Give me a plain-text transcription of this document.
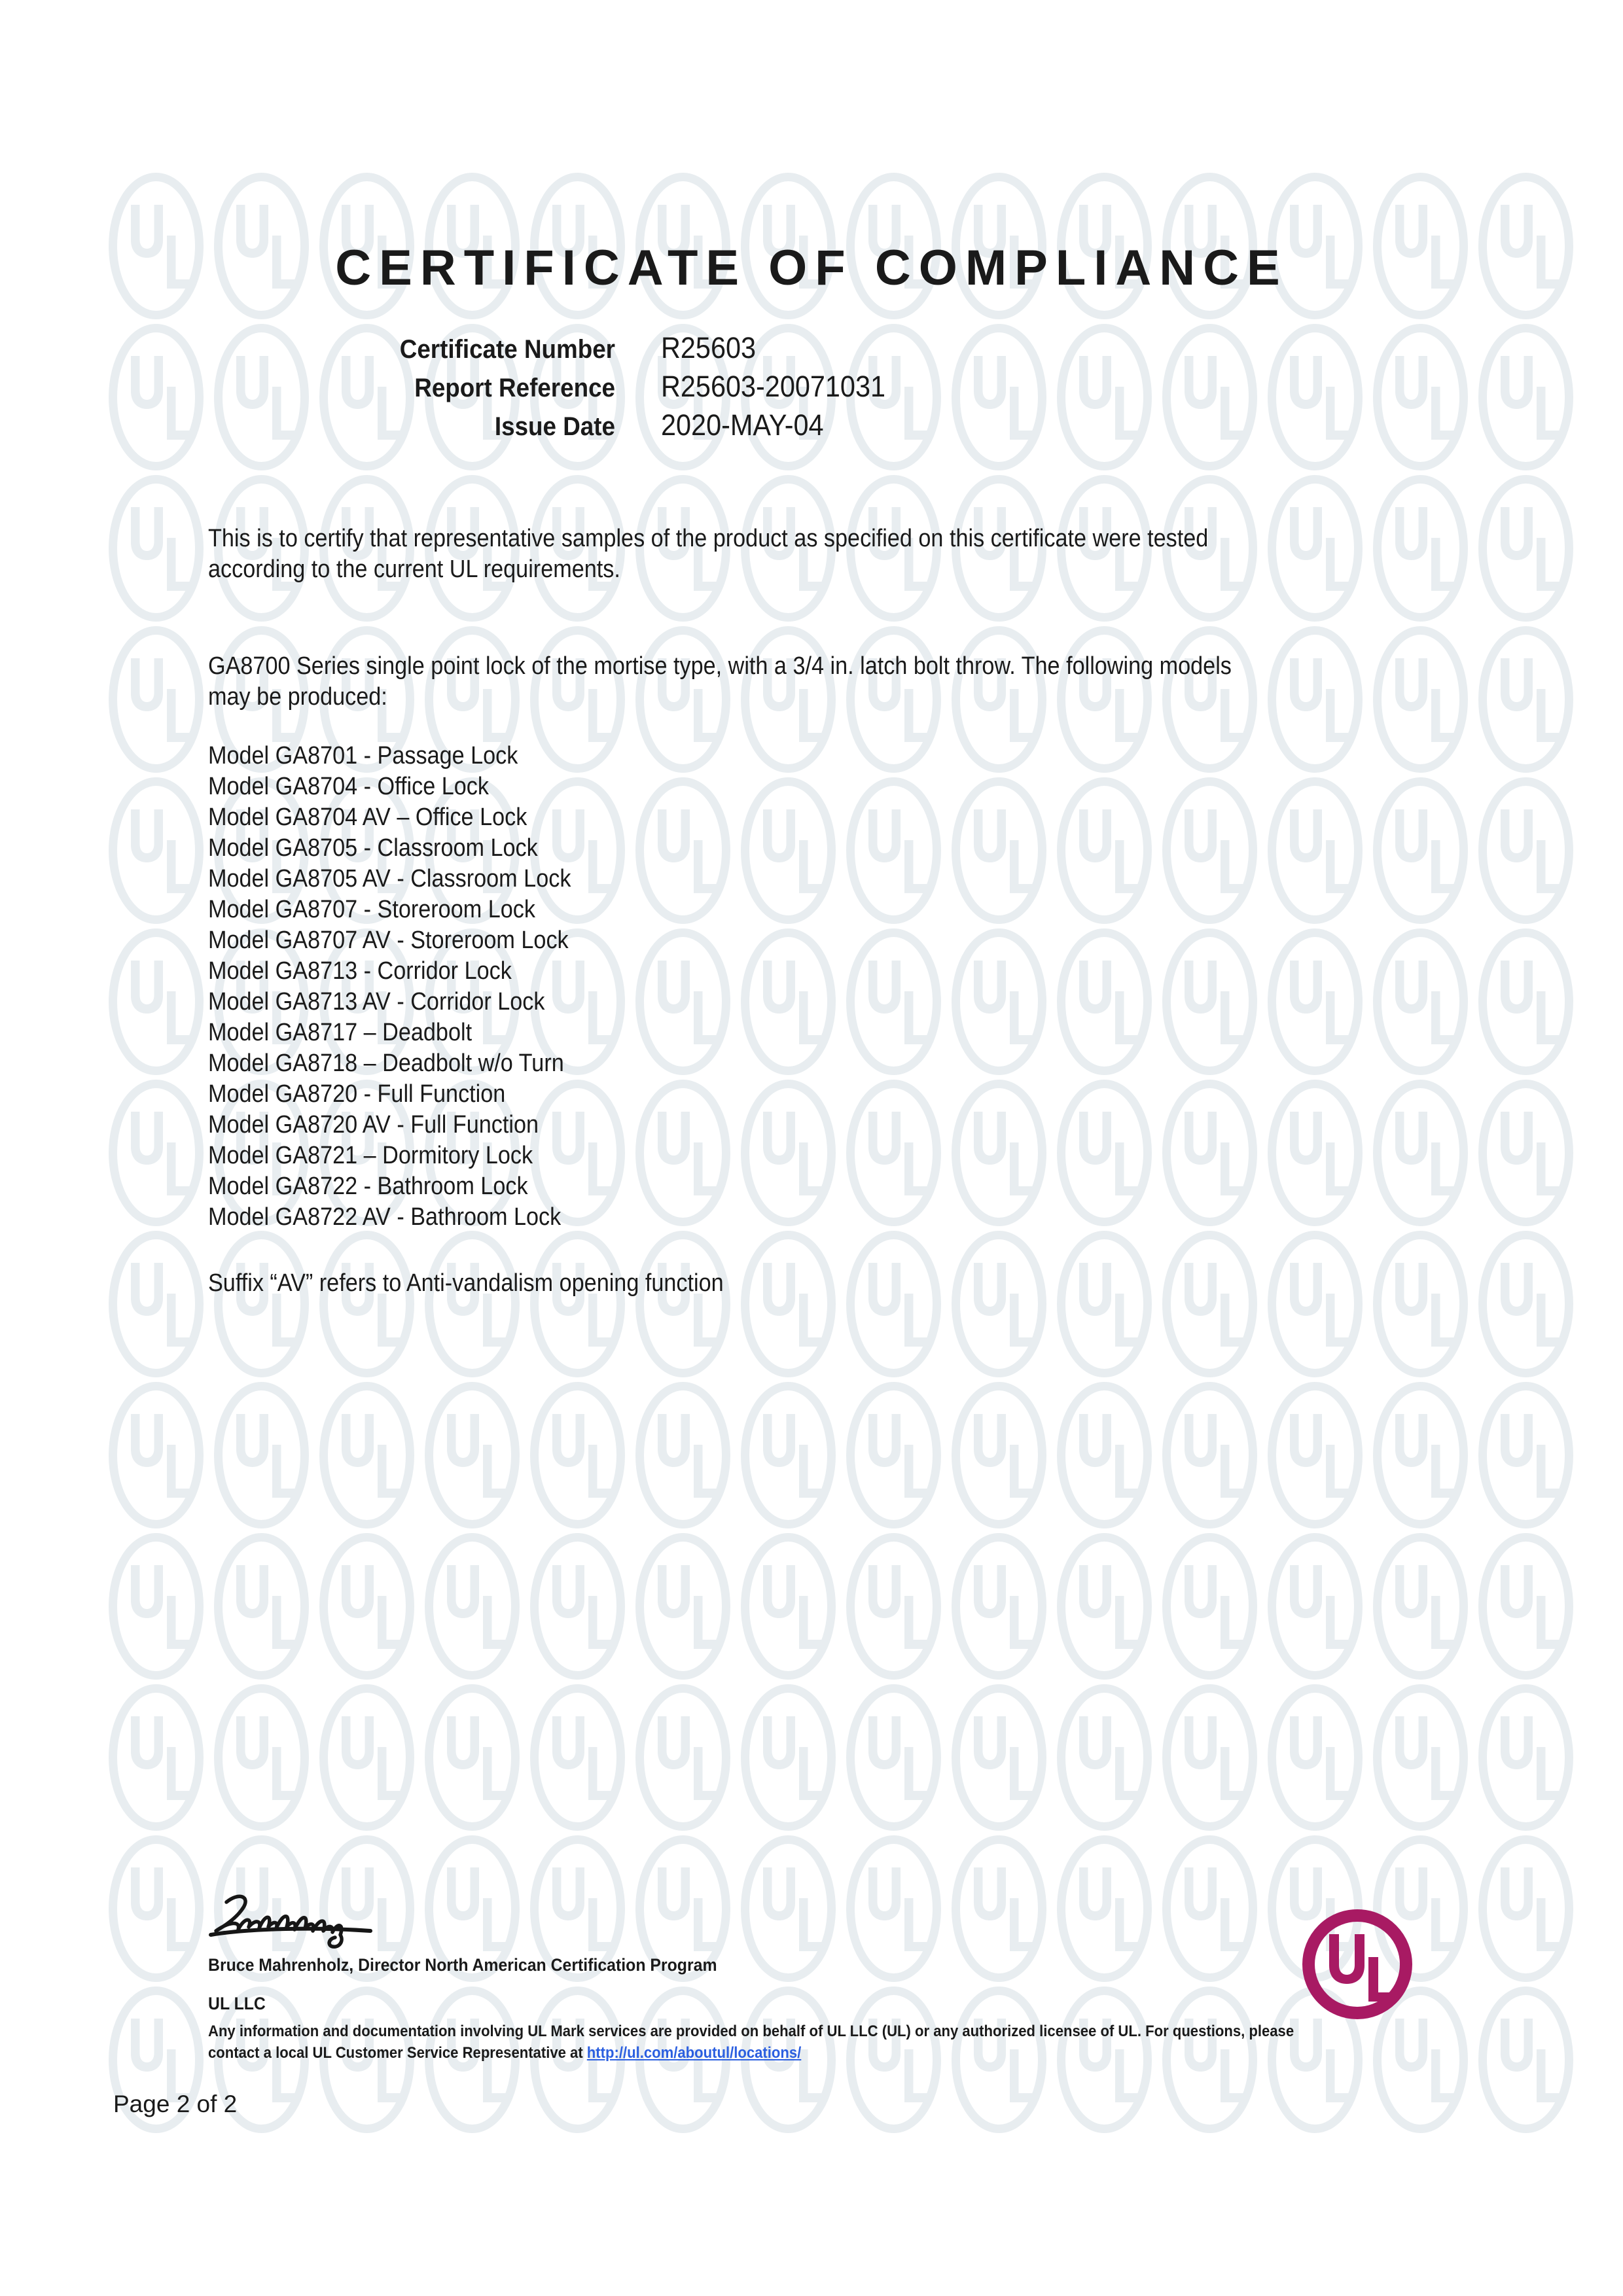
CERTIFICATE OF COMPLIANCE
Certificate Number R25603
Report Reference R25603-20071031
Issue Date 2020-MAY-04
This is to certify that representative samples of the product as specified on this certificate were tested
according to the current UL requirements.
GA8700 Series single point lock of the mortise type, with a 3/4 in. latch bolt throw. The following models
may be produced:
Model GA8701 - Passage Lock
Model GA8704 - Office Lock
Model GA8704 AV – Office Lock
Model GA8705 - Classroom Lock
Model GA8705 AV - Classroom Lock
Model GA8707 - Storeroom Lock
Model GA8707 AV - Storeroom Lock
Model GA8713 - Corridor Lock
Model GA8713 AV - Corridor Lock
Model GA8717 – Deadbolt
Model GA8718 – Deadbolt w/o Turn
Model GA8720 - Full Function
Model GA8720 AV - Full Function
Model GA8721 – Dormitory Lock
Model GA8722 - Bathroom Lock
Model GA8722 AV - Bathroom Lock
Suffix “AV” refers to Anti-vandalism opening function
Bruce Mahrenholz, Director North American Certification Program
UL LLC
Any information and documentation involving UL Mark services are provided on behalf of UL LLC (UL) or any authorized licensee of UL. For questions, please
contact a local UL Customer Service Representative at http://ul.com/aboutul/locations/
Page 2 of 2
